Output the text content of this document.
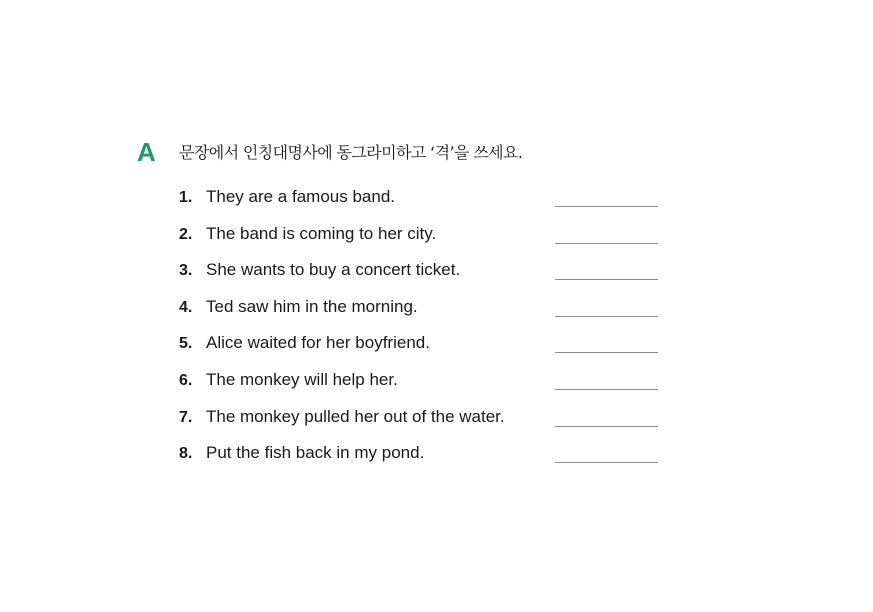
A 문장에서 인칭대명사에 동그라미하고 ‘격’을 쓰세요.
1. They are a famous band.
2. The band is coming to her city.
3. She wants to buy a concert ticket.
4. Ted saw him in the morning.
5. Alice waited for her boyfriend.
6. The monkey will help her.
7. The monkey pulled her out of the water.
8. Put the fish back in my pond.
